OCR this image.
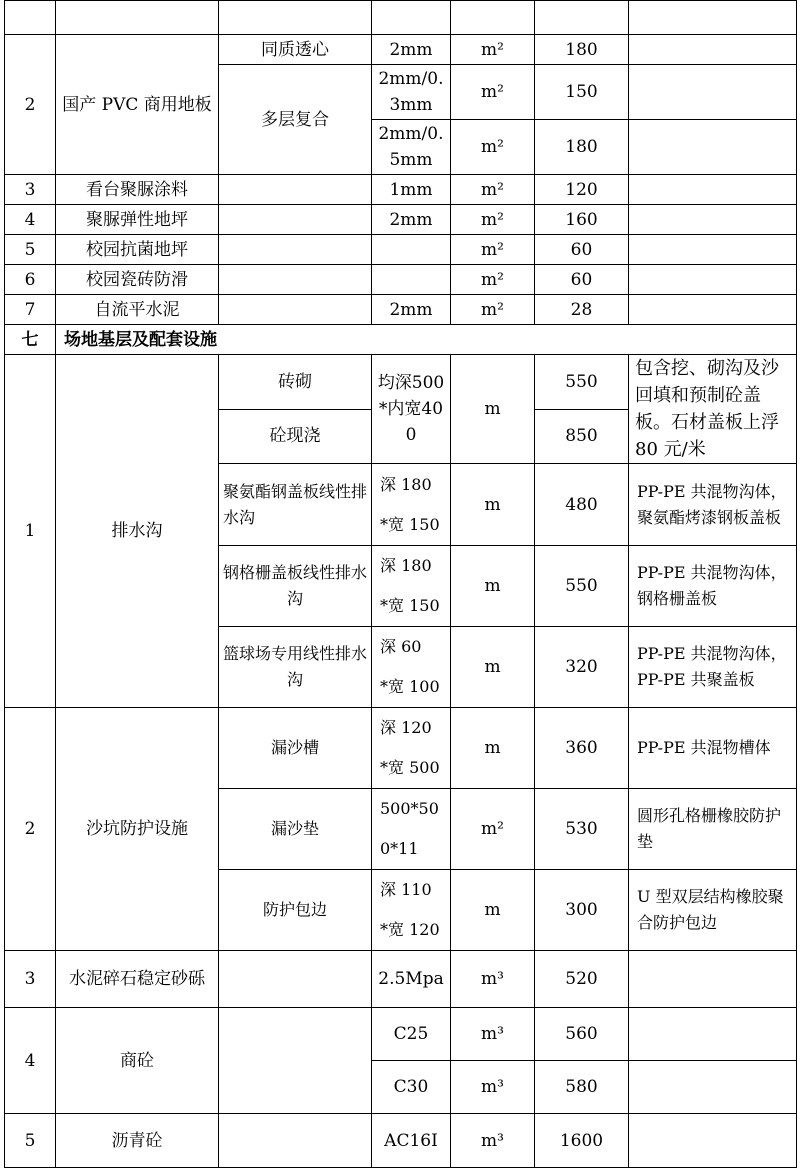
2	国产 PVC 商用地板	同质透心	2mm	m²	180	
		多层复合	2mm/0.3mm	m²	150	
			2mm/0.5mm	m²	180	
3	看台聚脲涂料		1mm	m²	120	
4	聚脲弹性地坪		2mm	m²	160	
5	校园抗菌地坪			m²	60	
6	校园瓷砖防滑			m²	60	
7	自流平水泥		2mm	m²	28	
七	场地基层及配套设施					
1	排水沟	砖砌	均深500*内宽400	m	550	包含挖、砌沟及沙回填和预制砼盖板。石材盖板上浮 80 元/米
		砼现浇			850	
		聚氨酯钢盖板线性排水沟	深 180
*宽 150	m	480	PP-PE 共混物沟体，聚氨酯烤漆钢板盖板
		钢格栅盖板线性排水沟	深 180
*宽 150	m	550	PP-PE 共混物沟体，钢格栅盖板
		篮球场专用线性排水沟	深 60
*宽 100	m	320	PP-PE 共混物沟体，PP-PE 共聚盖板
2	沙坑防护设施	漏沙槽	深 120
*宽 500	m	360	PP-PE 共混物槽体
		漏沙垫	500*50
0*11	m²	530	圆形孔格栅橡胶防护垫
		防护包边	深 110
*宽 120	m	300	U 型双层结构橡胶聚合防护包边
3	水泥碎石稳定砂砾		2.5Mpa	m³	520	
4	商砼		C25	m³	560	
			C30	m³	580	
5	沥青砼		AC16I	m³	1600	
